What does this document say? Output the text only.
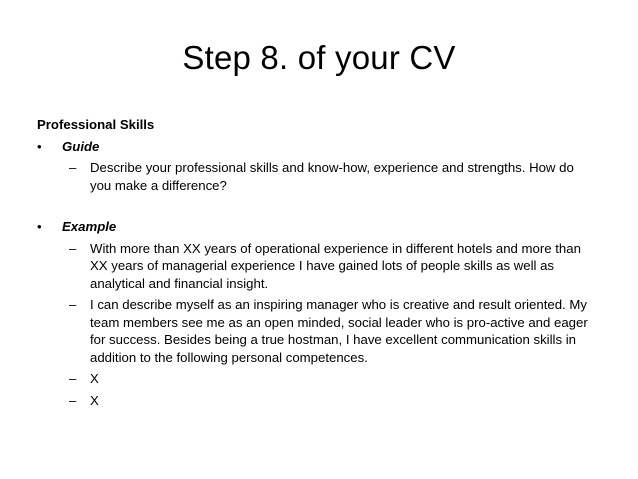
Step 8. of your CV
Professional Skills
• Guide
– Describe your professional skills and know-how, experience and strengths. How do you make a difference?
• Example
– With more than XX years of operational experience in different hotels and more than XX years of managerial experience I have gained lots of people skills as well as analytical and financial insight.
– I can describe myself as an inspiring manager who is creative and result oriented. My team members see me as an open minded, social leader who is pro-active and eager for success. Besides being a true hostman, I have excellent communication skills in addition to the following personal competences.
– X
– X
